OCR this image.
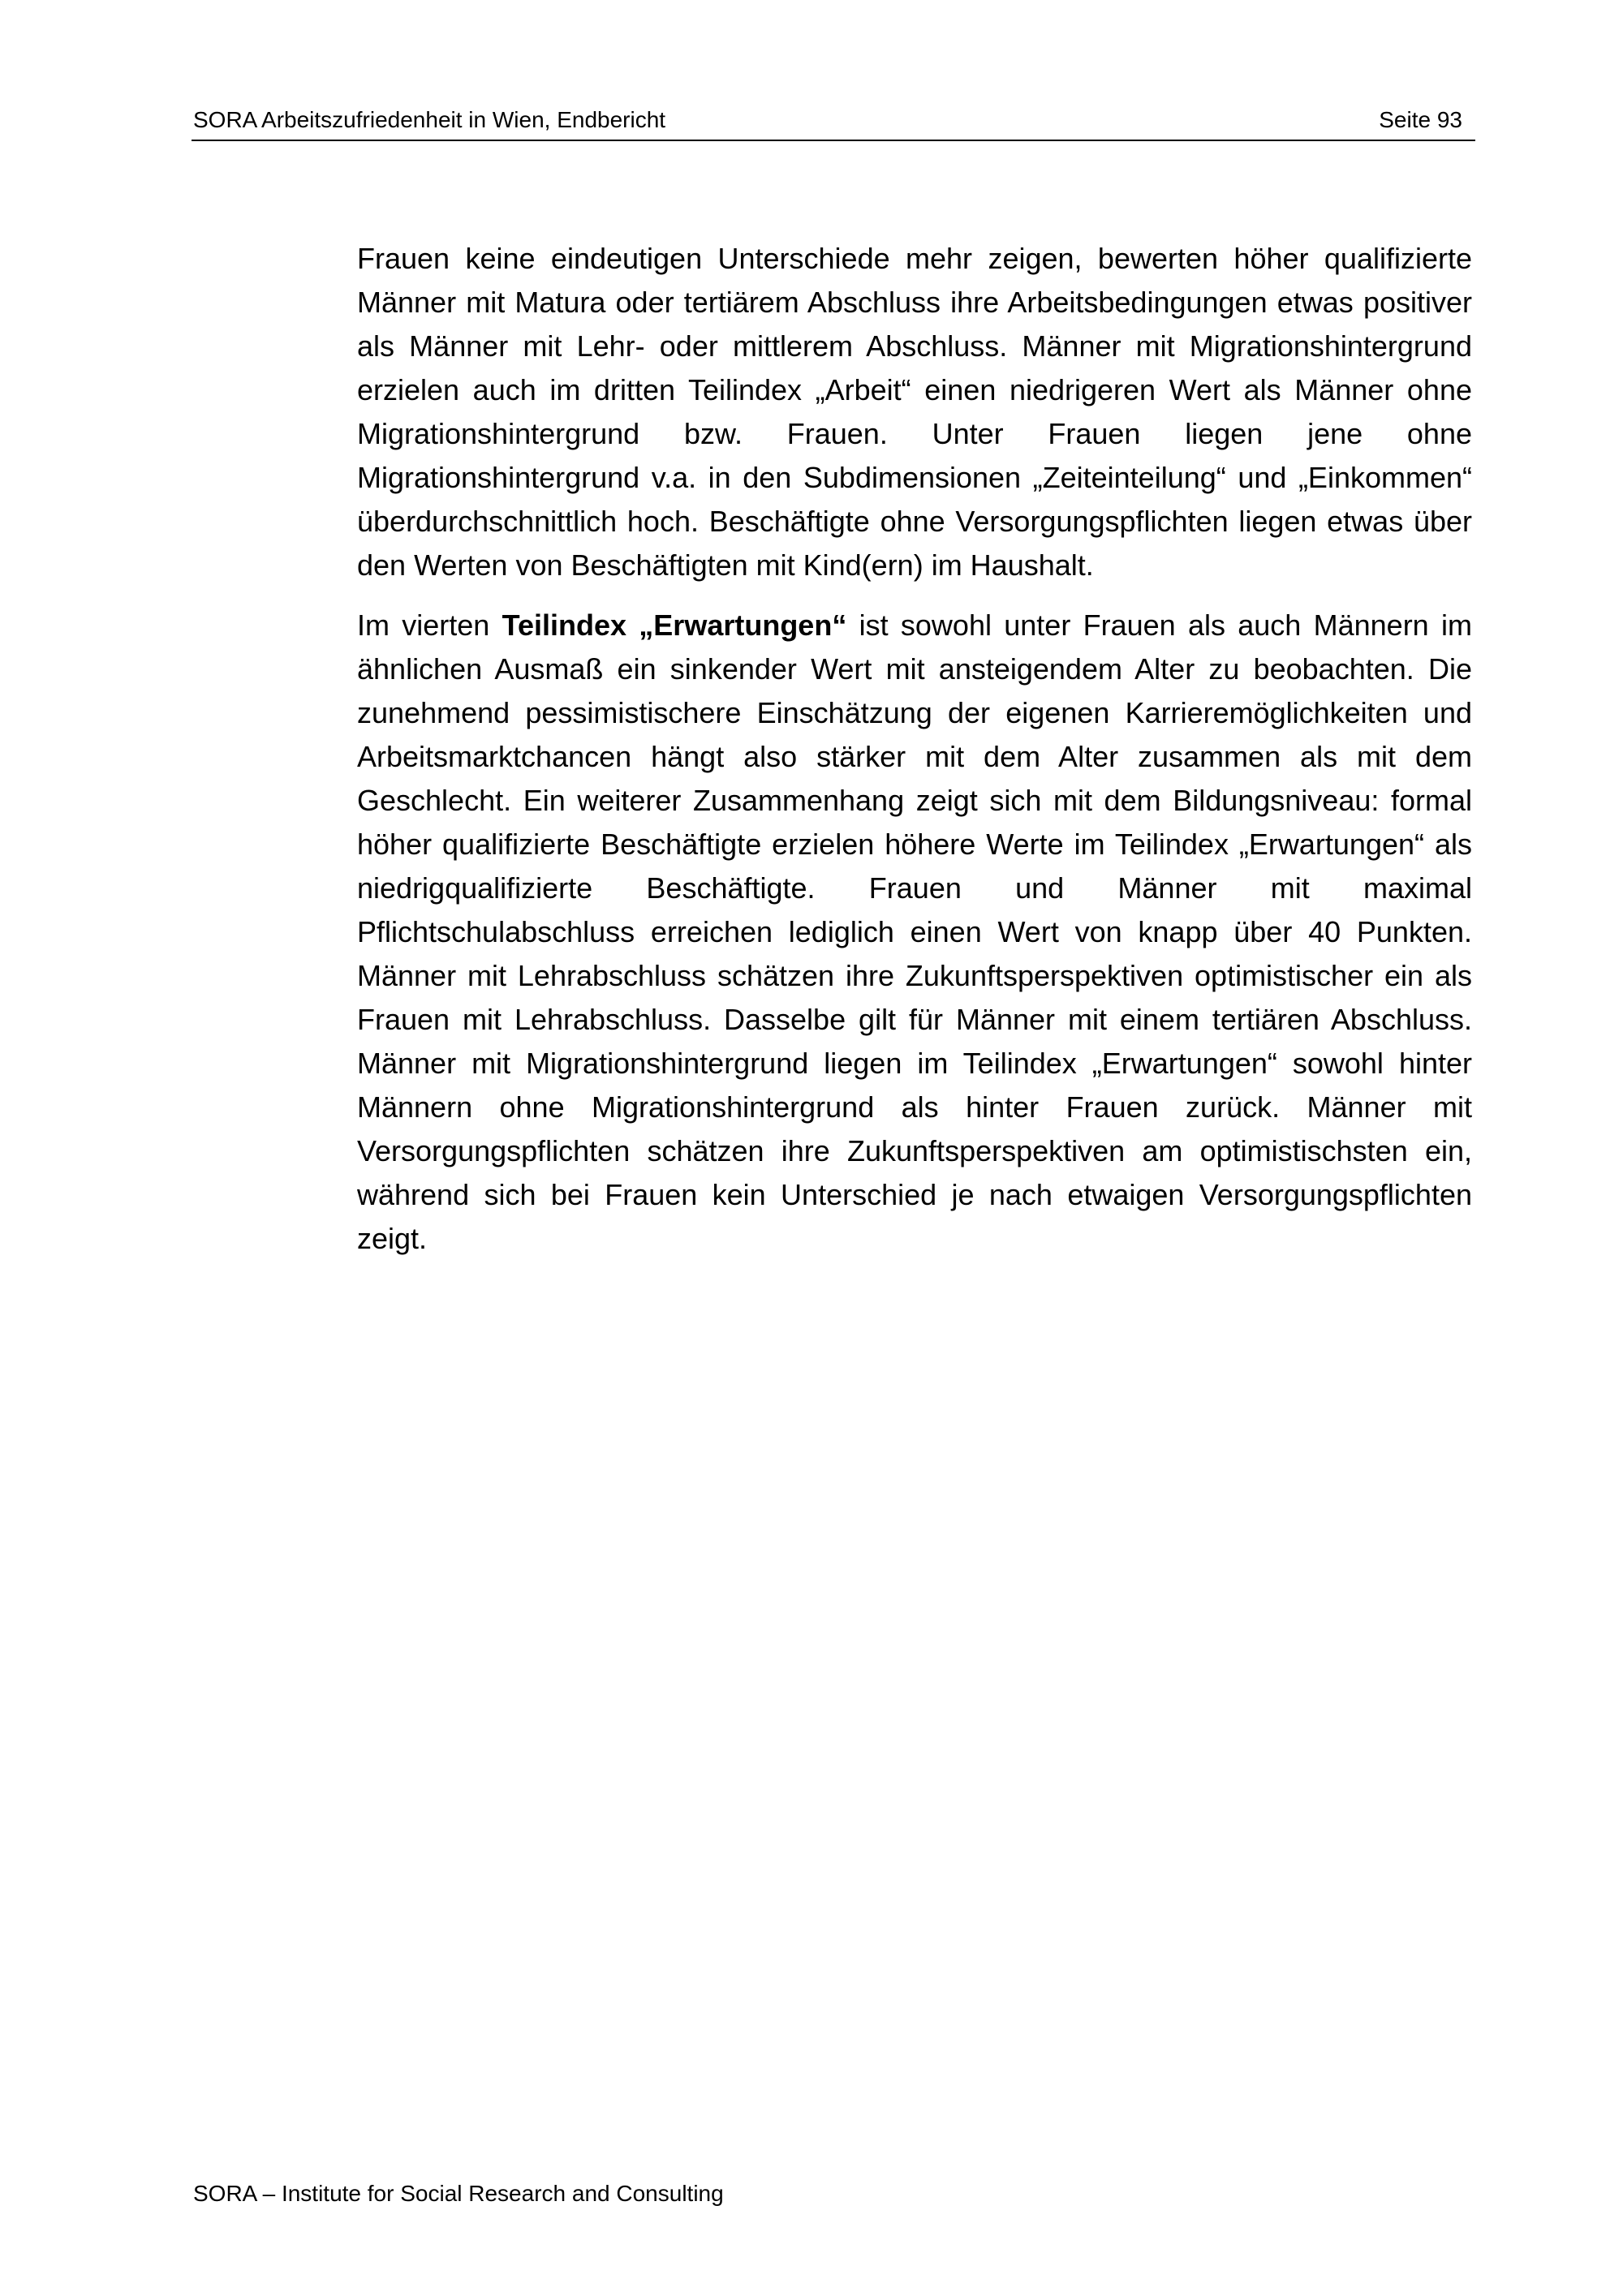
SORA Arbeitszufriedenheit in Wien, Endbericht	Seite 93

Frauen keine eindeutigen Unterschiede mehr zeigen, bewerten höher qualifizierte Männer mit Matura oder tertiärem Abschluss ihre Arbeitsbedingungen etwas positiver als Männer mit Lehr- oder mittlerem Abschluss. Männer mit Migrationshintergrund erzielen auch im dritten Teilindex „Arbeit“ einen niedrigeren Wert als Männer ohne Migrationshintergrund bzw. Frauen. Unter Frauen liegen jene ohne Migrationshintergrund v.a. in den Subdimensionen „Zeiteinteilung“ und „Einkommen“ überdurchschnittlich hoch. Beschäftigte ohne Versorgungspflichten liegen etwas über den Werten von Beschäftigten mit Kind(ern) im Haushalt.

Im vierten Teilindex „Erwartungen“ ist sowohl unter Frauen als auch Männern im ähnlichen Ausmaß ein sinkender Wert mit ansteigendem Alter zu beobachten. Die zunehmend pessimistischere Einschätzung der eigenen Karrieremöglichkeiten und Arbeitsmarktchancen hängt also stärker mit dem Alter zusammen als mit dem Geschlecht. Ein weiterer Zusammenhang zeigt sich mit dem Bildungsniveau: formal höher qualifizierte Beschäftigte erzielen höhere Werte im Teilindex „Erwartungen“ als niedrigqualifizierte Beschäftigte. Frauen und Männer mit maximal Pflichtschulabschluss erreichen lediglich einen Wert von knapp über 40 Punkten. Männer mit Lehrabschluss schätzen ihre Zukunftsperspektiven optimistischer ein als Frauen mit Lehrabschluss. Dasselbe gilt für Männer mit einem tertiären Abschluss. Männer mit Migrationshintergrund liegen im Teilindex „Erwartungen“ sowohl hinter Männern ohne Migrationshintergrund als hinter Frauen zurück. Männer mit Versorgungspflichten schätzen ihre Zukunftsperspektiven am optimistischsten ein, während sich bei Frauen kein Unterschied je nach etwaigen Versorgungspflichten zeigt.

SORA – Institute for Social Research and Consulting
